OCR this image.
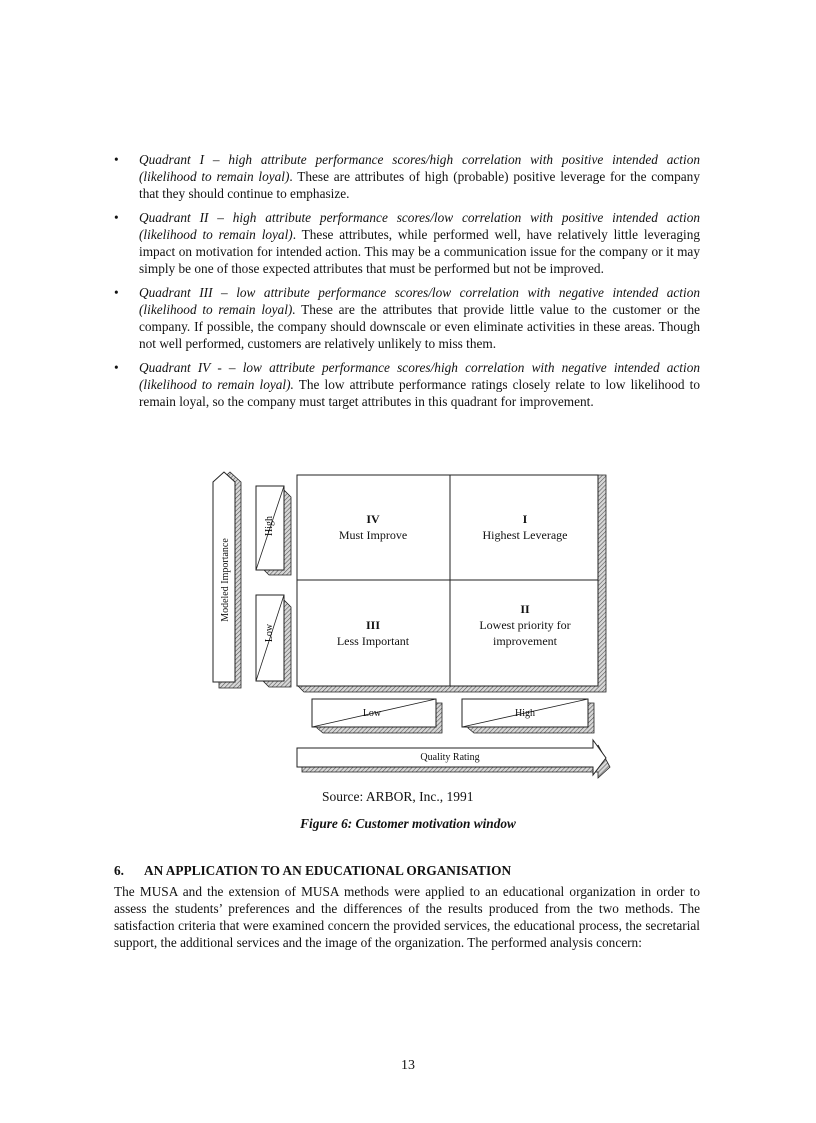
• Quadrant I – high attribute performance scores/high correlation with positive intended action (likelihood to remain loyal). These are attributes of high (probable) positive leverage for the company that they should continue to emphasize.
• Quadrant II – high attribute performance scores/low correlation with positive intended action (likelihood to remain loyal). These attributes, while performed well, have relatively little leveraging impact on motivation for intended action. This may be a communication issue for the company or it may simply be one of those expected attributes that must be performed but not be improved.
• Quadrant III – low attribute performance scores/low correlation with negative intended action (likelihood to remain loyal). These are the attributes that provide little value to the customer or the company. If possible, the company should downscale or even eliminate activities in these areas. Though not well performed, customers are relatively unlikely to miss them.
• Quadrant IV - – low attribute performance scores/high correlation with negative intended action (likelihood to remain loyal). The low attribute performance ratings closely relate to low likelihood to remain loyal, so the company must target attributes in this quadrant for improvement.
Modeled Importance
High
Low
IV
Must Improve
I
Highest Leverage
III
Less Important
II
Lowest priority for
improvement
Low	High
Quality Rating
Source: ARBOR, Inc., 1991
Figure 6: Customer motivation window
6. AN APPLICATION TO AN EDUCATIONAL ORGANISATION

The MUSA and the extension of MUSA methods were applied to an educational organization in order to assess the students’ preferences and the differences of the results produced from the two methods. The satisfaction criteria that were examined concern the provided services, the educational process, the secretarial support, the additional services and the image of the organization. The performed analysis concern:

13
